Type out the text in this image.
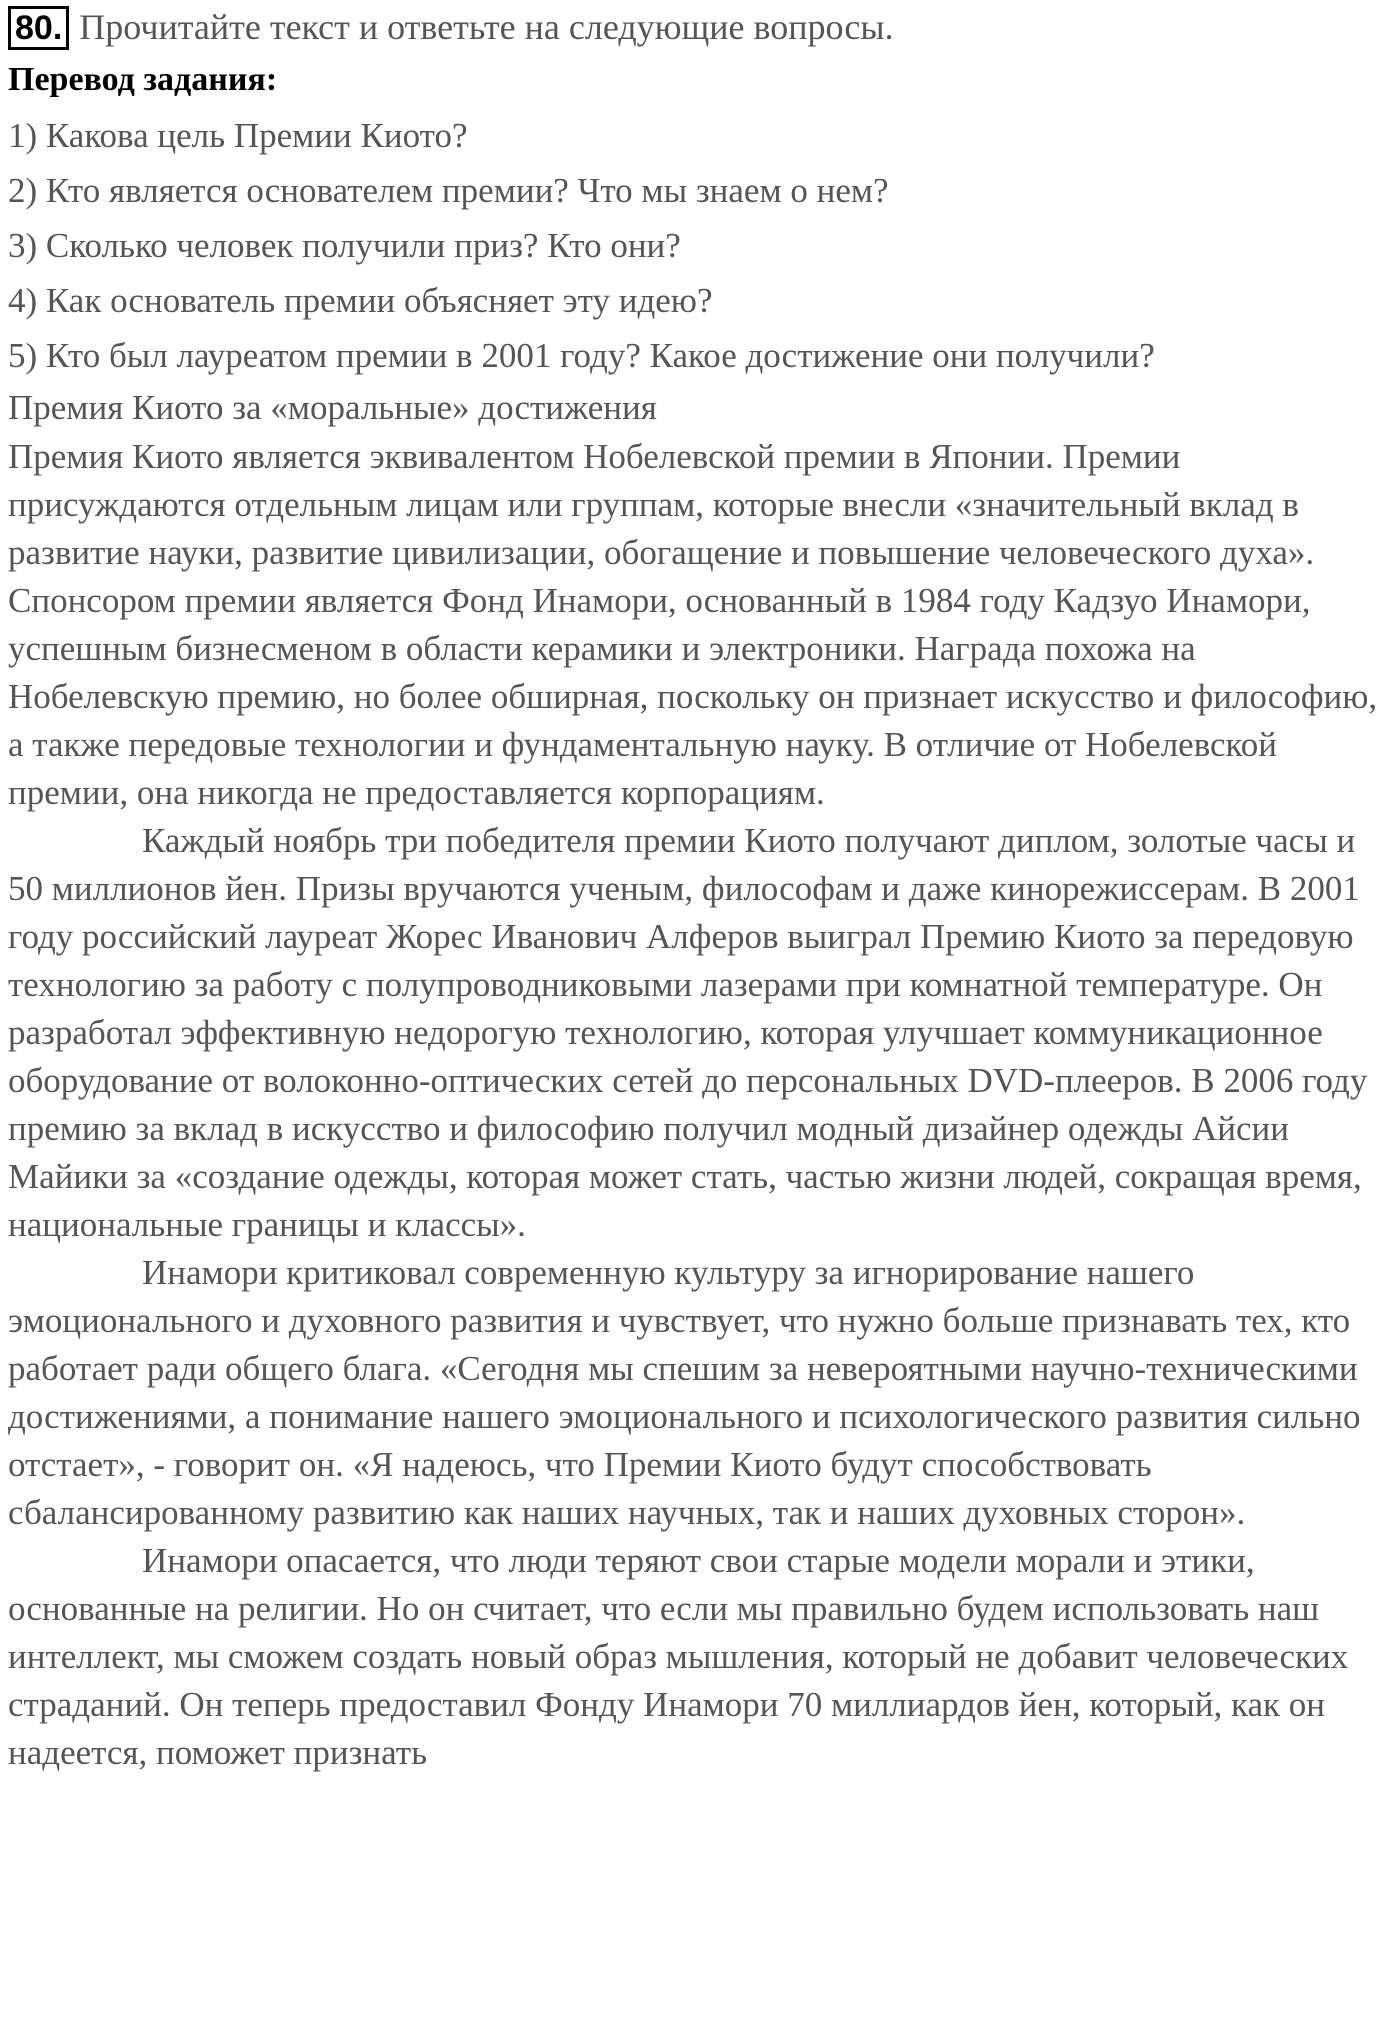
80. Прочитайте текст и ответьте на следующие вопросы.
Перевод задания:
1) Какова цель Премии Киото?
2) Кто является основателем премии? Что мы знаем о нем?
3) Сколько человек получили приз? Кто они?
4) Как основатель премии объясняет эту идею?
5) Кто был лауреатом премии в 2001 году? Какое достижение они получили?
Премия Киото за «моральные» достижения

Премия Киото является эквивалентом Нобелевской премии в Японии. Премии присуждаются отдельным лицам или группам, которые внесли «значительный вклад в развитие науки, развитие цивилизации, обогащение и повышение человеческого духа». Спонсором премии является Фонд Инамори, основанный в 1984 году Кадзуо Инамори, успешным бизнесменом в области керамики и электроники. Награда похожа на Нобелевскую премию, но более обширная, поскольку он признает искусство и философию, а также передовые технологии и фундаментальную науку. В отличие от Нобелевской премии, она никогда не предоставляется корпорациям.

Каждый ноябрь три победителя премии Киото получают диплом, золотые часы и 50 миллионов йен. Призы вручаются ученым, философам и даже кинорежиссерам. В 2001 году российский лауреат Жорес Иванович Алферов выиграл Премию Киото за передовую технологию за работу с полупроводниковыми лазерами при комнатной температуре. Он разработал эффективную недорогую технологию, которая улучшает коммуникационное оборудование от волоконно-оптических сетей до персональных DVD-плееров. В 2006 году премию за вклад в искусство и философию получил модный дизайнер одежды Айсии Майики за «создание одежды, которая может стать, частью жизни людей, сокращая время, национальные границы и классы».

Инамори критиковал современную культуру за игнорирование нашего эмоционального и духовного развития и чувствует, что нужно больше признавать тех, кто работает ради общего блага. «Сегодня мы спешим за невероятными научно-техническими достижениями, а понимание нашего эмоционального и психологического развития сильно отстает», - говорит он. «Я надеюсь, что Премии Киото будут способствовать сбалансированному развитию как наших научных, так и наших духовных сторон».

Инамори опасается, что люди теряют свои старые модели морали и этики, основанные на религии. Но он считает, что если мы правильно будем использовать наш интеллект, мы сможем создать новый образ мышления, который не добавит человеческих страданий. Он теперь предоставил Фонду Инамори 70 миллиардов йен, который, как он надеется, поможет признать
